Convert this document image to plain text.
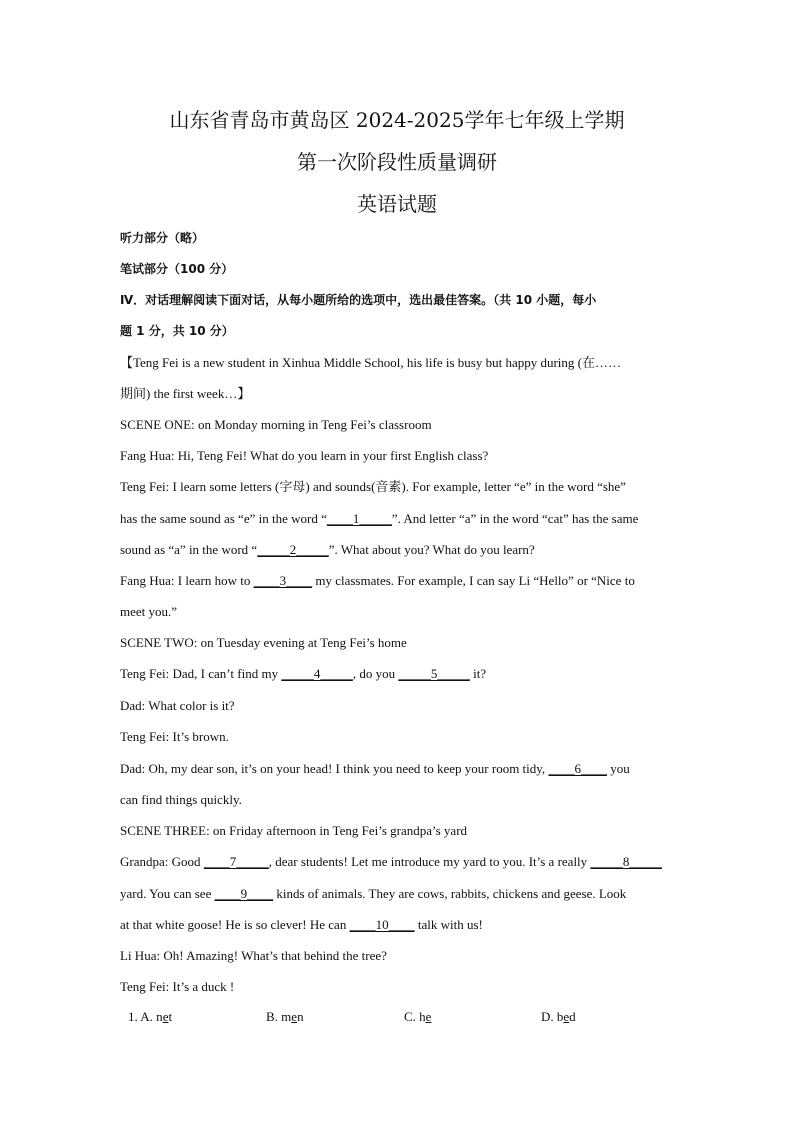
山东省青岛市黄岛区 2024-2025学年七年级上学期
第一次阶段性质量调研
英语试题
听力部分（略）
笔试部分（100 分）
Ⅳ．对话理解阅读下面对话，从每小题所给的选项中，选出最佳答案。（共 10 小题，每小
题 1 分，共 10 分）
【Teng Fei is a new student in Xinhua Middle School, his life is busy but happy during (在……
期间) the first week…】
SCENE ONE: on Monday morning in Teng Fei’s classroom
Fang Hua: Hi, Teng Fei! What do you learn in your first English class?
Teng Fei: I learn some letters (字母) and sounds(音素). For example, letter “e” in the word “she”
has the same sound as “e” in the word “____1_____”. And letter “a” in the word “cat” has the same
sound as “a” in the word “_____2_____”. What about you? What do you learn?
Fang Hua: I learn how to ____3____ my classmates. For example, I can say Li “Hello” or “Nice to
meet you.”
SCENE TWO: on Tuesday evening at Teng Fei’s home
Teng Fei: Dad, I can’t find my _____4_____, do you _____5_____ it?
Dad: What color is it?
Teng Fei: It’s brown.
Dad: Oh, my dear son, it’s on your head! I think you need to keep your room tidy, ____6____ you
can find things quickly.
SCENE THREE: on Friday afternoon in Teng Fei’s grandpa’s yard
Grandpa: Good ____7_____, dear students! Let me introduce my yard to you. It’s a really _____8_____
yard. You can see ____9____ kinds of animals. They are cows, rabbits, chickens and geese. Look
at that white goose! He is so clever! He can ____10____ talk with us!
Li Hua: Oh! Amazing! What’s that behind the tree?
Teng Fei: It’s a duck !
1. A. net	B. men	C. he	D. bed
